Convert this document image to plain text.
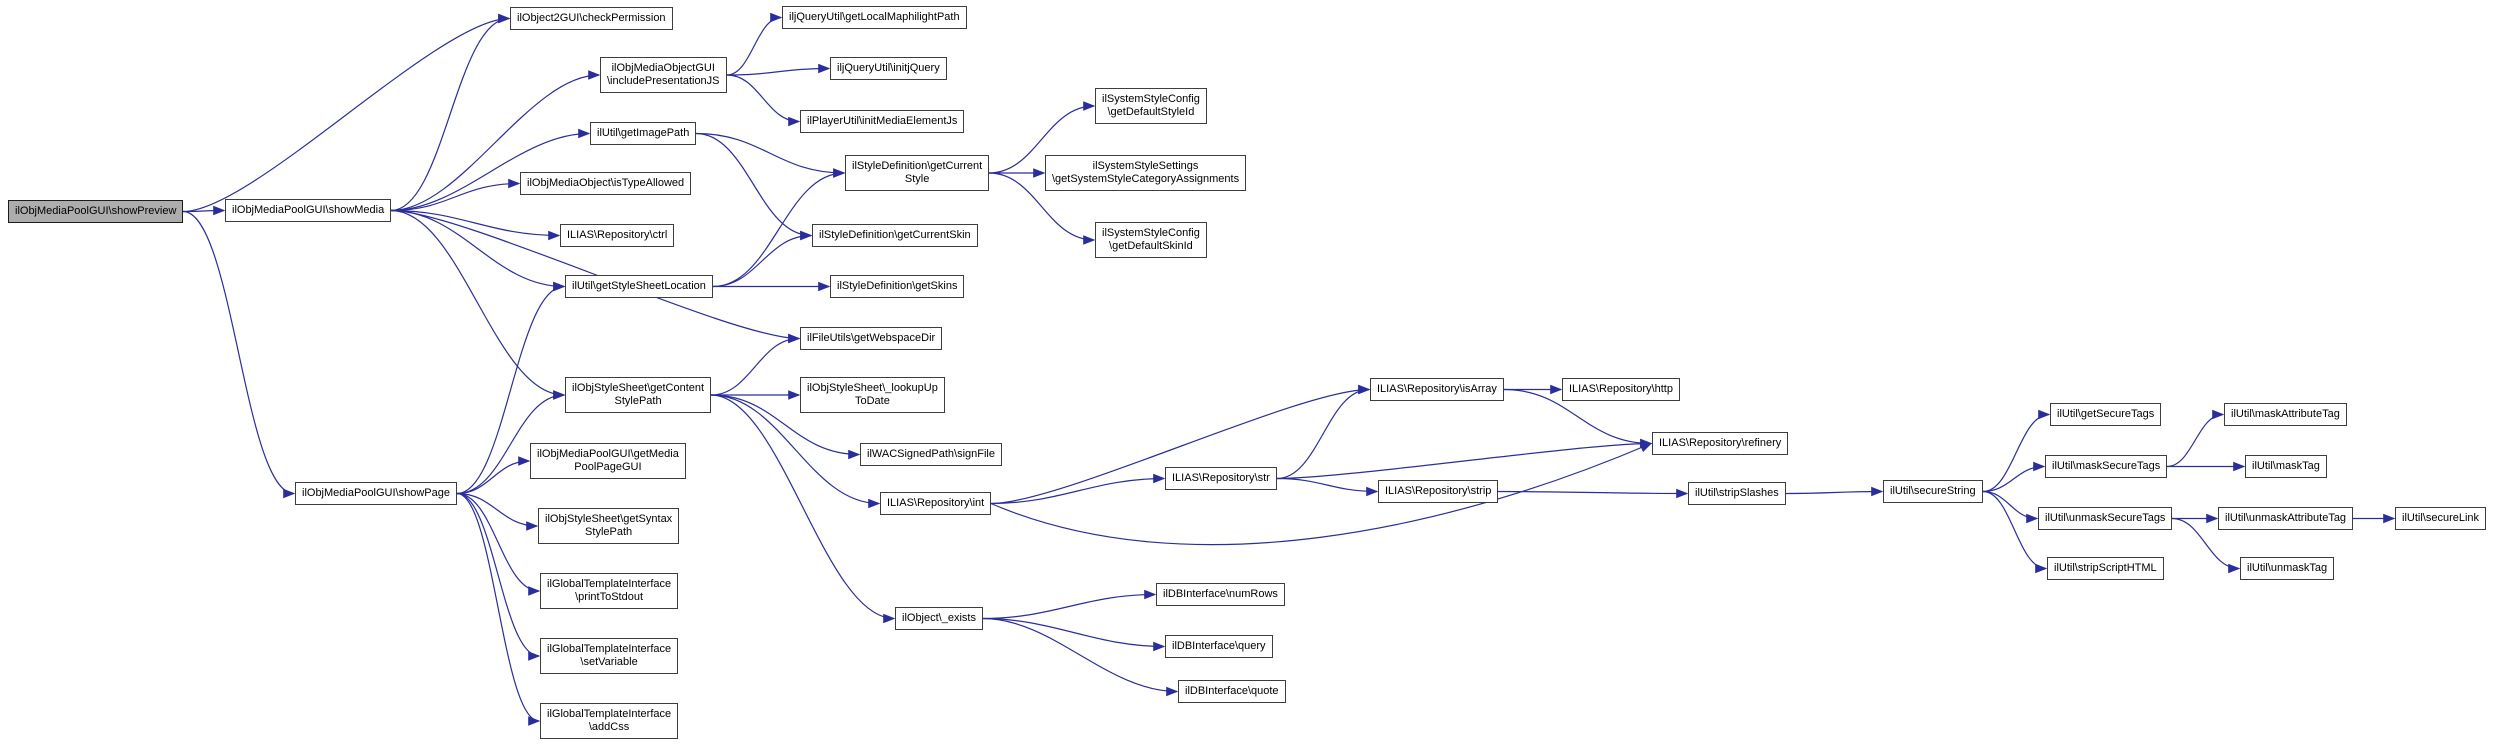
ilObjMediaPoolGUI\showPreview	ilObjMediaPoolGUI\showMedia
ilObjMediaPoolGUI\showPage
ilObject2GUI\checkPermission
ilObjMediaObjectGUI
\includePresentationJS
iljQueryUtil\getLocalMaphilightPath
iljQueryUtil\initjQuery
ilPlayerUtil\initMediaElementJs
ilUtil\getImagePath
ilObjMediaObject\isTypeAllowed
ILIAS\Repository\ctrl
ilStyleDefinition\getCurrent
Style
ilSystemStyleConfig
\getDefaultStyleId
ilSystemStyleSettings
\getSystemStyleCategoryAssignments
ilSystemStyleConfig
\getDefaultSkinId
ilStyleDefinition\getCurrentSkin
ilUtil\getStyleSheetLocation	ilStyleDefinition\getSkins
ilFileUtils\getWebspaceDir
ilObjStyleSheet\getContent
StylePath
ilObjStyleSheet\_lookupUp
ToDate
ilWACSignedPath\signFile
ILIAS\Repository\int
ilObjMediaPoolGUI\getMedia
PoolPageGUI
ilObjStyleSheet\getSyntax
StylePath
ilGlobalTemplateInterface
\printToStdout
ilGlobalTemplateInterface
\setVariable
ilGlobalTemplateInterface
\addCss
ilObject\_exists
ILIAS\Repository\isArray	ILIAS\Repository\http
ILIAS\Repository\refinery
ILIAS\Repository\str
ILIAS\Repository\strip	ilUtil\stripSlashes
ilDBInterface\numRows
ilDBInterface\query
ilDBInterface\quote
ilUtil\secureString
ilUtil\getSecureTags
ilUtil\maskSecureTags
ilUtil\unmaskSecureTags
ilUtil\stripScriptHTML
ilUtil\maskAttributeTag
ilUtil\maskTag
ilUtil\unmaskAttributeTag
ilUtil\unmaskTag
ilUtil\secureLink
